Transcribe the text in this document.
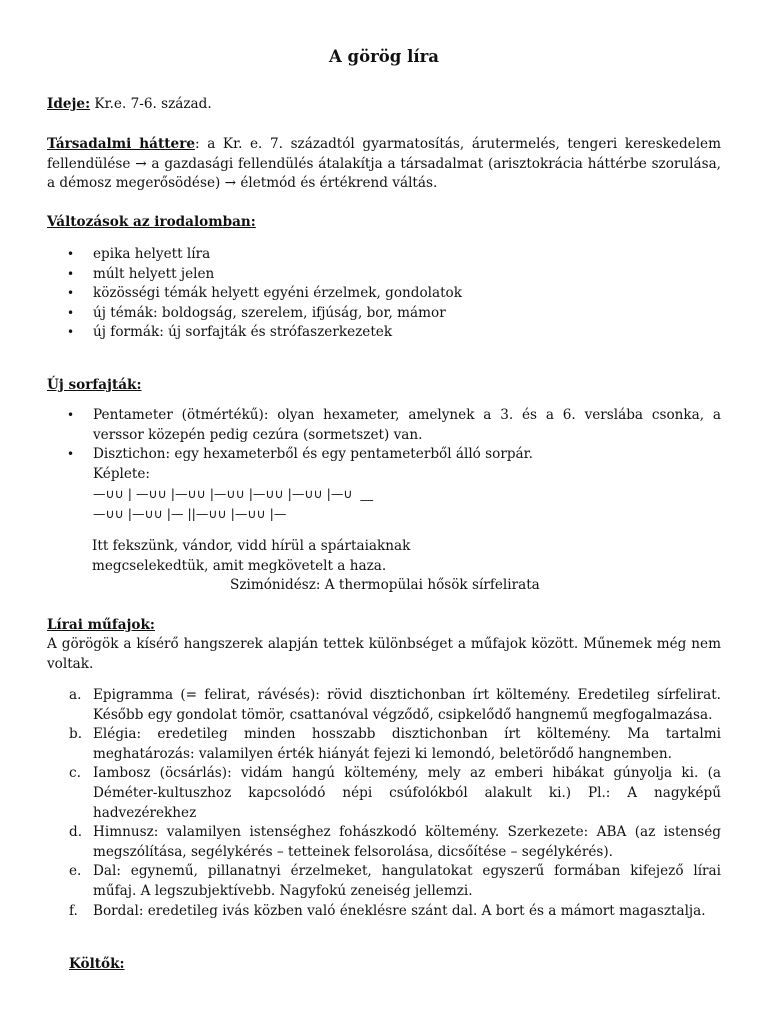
A görög líra
Ideje: Kr.e. 7-6. század.
Társadalmi háttere: a Kr. e. 7. századtól gyarmatosítás, árutermelés, tengeri kereskedelem fellendülése → a gazdasági fellendülés átalakítja a társadalmat (arisztokrácia háttérbe szorulása, a démosz megerősödése) → életmód és értékrend váltás.
Változások az irodalomban:
• epika helyett líra
• múlt helyett jelen
• közösségi témák helyett egyéni érzelmek, gondolatok
• új témák: boldogság, szerelem, ifjúság, bor, mámor
• új formák: új sorfajták és strófaszerkezetek
Új sorfajták:
• Pentameter (ötmértékű): olyan hexameter, amelynek a 3. és a 6. verslába csonka, a verssor közepén pedig cezúra (sormetszet) van.
• Disztichon: egy hexameterből és egy pentameterből álló sorpár.
Képlete:
—∪∪ | —∪∪ |—∪∪ |—∪∪ |—∪∪ |—∪∪ |—∪  __
—∪∪ |—∪∪ |— ||—∪∪ |—∪∪ |—
Itt fekszünk, vándor, vidd hírül a spártaiaknak
megcselekedtük, amit megkövetelt a haza.
Szimónidész: A thermopülai hősök sírfelirata
Lírai műfajok:
A görögök a kísérő hangszerek alapján tettek különbséget a műfajok között. Műnemek még nem voltak.
a. Epigramma (= felirat, rávésés): rövid disztichonban írt költemény. Eredetileg sírfelirat. Később egy gondolat tömör, csattanóval végződő, csipkelődő hangnemű megfogalmazása.
b. Elégia: eredetileg minden hosszabb disztichonban írt költemény. Ma tartalmi meghatározás: valamilyen érték hiányát fejezi ki lemondó, beletörődő hangnemben.
c. Iambosz (öcsárlás): vidám hangú költemény, mely az emberi hibákat gúnyolja ki. (a Déméter-kultuszhoz kapcsolódó népi csúfolókból alakult ki.) Pl.: A nagyképű hadvezérekhez
d. Himnusz: valamilyen istenséghez fohászkodó költemény. Szerkezete: ABA (az istenség megszólítása, segélykérés – tetteinek felsorolása, dicsőítése – segélykérés).
e. Dal: egynemű, pillanatnyi érzelmeket, hangulatokat egyszerű formában kifejező lírai műfaj. A legszubjektívebb. Nagyfokú zeneiség jellemzi.
f. Bordal: eredetileg ivás közben való éneklésre szánt dal. A bort és a mámort magasztalja.
Költők:
